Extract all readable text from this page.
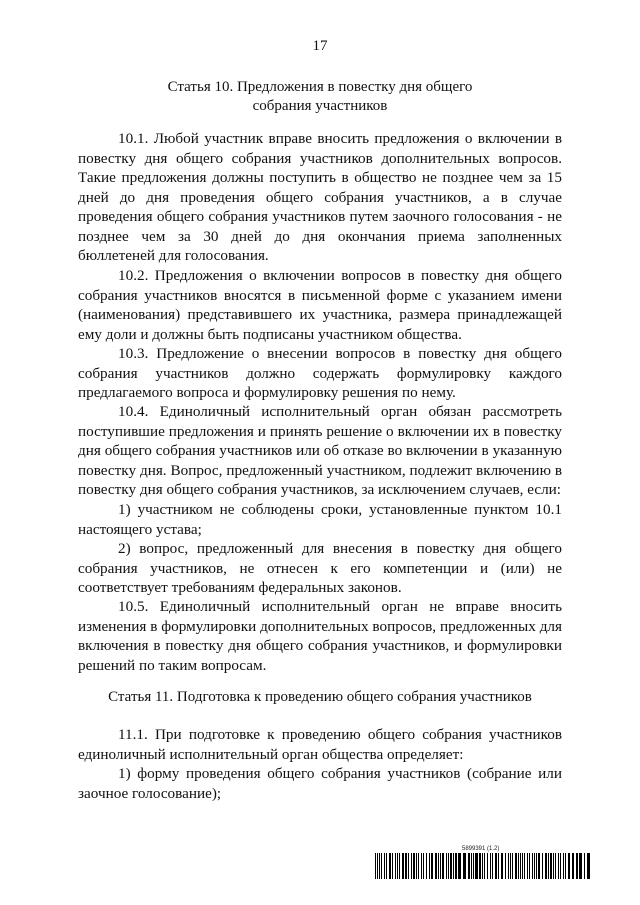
17
Статья 10. Предложения в повестку дня общего
собрания участников

10.1. Любой участник вправе вносить предложения о включении в повестку дня общего собрания участников дополнительных вопросов. Такие предложения должны поступить в общество не позднее чем за 15 дней до дня проведения общего собрания участников, а в случае проведения общего собрания участников путем заочного голосования - не позднее чем за 30 дней до дня окончания приема заполненных бюллетеней для голосования.

10.2. Предложения о включении вопросов в повестку дня общего собрания участников вносятся в письменной форме с указанием имени (наименования) представившего их участника, размера принадлежащей ему доли и должны быть подписаны участником общества.

10.3. Предложение о внесении вопросов в повестку дня общего собрания участников должно содержать формулировку каждого предлагаемого вопроса и формулировку решения по нему.

10.4. Единоличный исполнительный орган обязан рассмотреть поступившие предложения и принять решение о включении их в повестку дня общего собрания участников или об отказе во включении в указанную повестку дня. Вопрос, предложенный участником, подлежит включению в повестку дня общего собрания участников, за исключением случаев, если:

1) участником не соблюдены сроки, установленные пунктом 10.1 настоящего устава;

2) вопрос, предложенный для внесения в повестку дня общего собрания участников, не отнесен к его компетенции и (или) не соответствует требованиям федеральных законов.

10.5. Единоличный исполнительный орган не вправе вносить изменения в формулировки дополнительных вопросов, предложенных для включения в повестку дня общего собрания участников, и формулировки решений по таким вопросам.

Статья 11. Подготовка к проведению общего собрания участников

11.1. При подготовке к проведению общего собрания участников единоличный исполнительный орган общества определяет:

1) форму проведения общего собрания участников (собрание или заочное голосование);

5899391 (1.2)
